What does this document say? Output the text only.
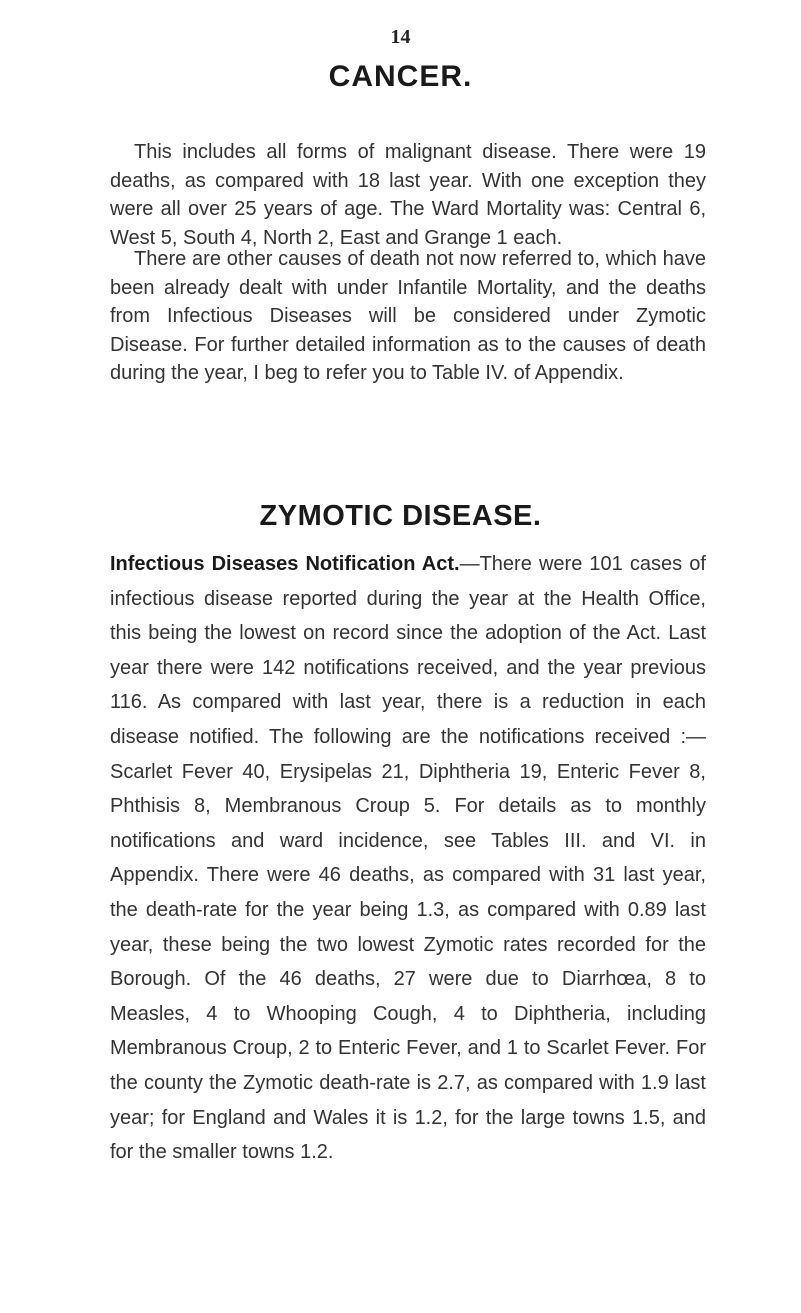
14
CANCER.

This includes all forms of malignant disease. There were 19 deaths, as compared with 18 last year. With one exception they were all over 25 years of age. The Ward Mortality was: Central 6, West 5, South 4, North 2, East and Grange 1 each.

There are other causes of death not now referred to, which have been already dealt with under Infantile Mortality, and the deaths from Infectious Diseases will be considered under Zymotic Disease. For further detailed information as to the causes of death during the year, I beg to refer you to Table IV. of Appendix.

ZYMOTIC DISEASE.

Infectious Diseases Notification Act.—There were 101 cases of infectious disease reported during the year at the Health Office, this being the lowest on record since the adoption of the Act. Last year there were 142 notifications received, and the year previous 116. As compared with last year, there is a reduction in each disease notified. The following are the notifications received :—Scarlet Fever 40, Erysipelas 21, Diphtheria 19, Enteric Fever 8, Phthisis 8, Membranous Croup 5. For details as to monthly notifications and ward incidence, see Tables III. and VI. in Appendix. There were 46 deaths, as compared with 31 last year, the death-rate for the year being 1.3, as compared with 0.89 last year, these being the two lowest Zymotic rates recorded for the Borough. Of the 46 deaths, 27 were due to Diarrhœa, 8 to Measles, 4 to Whooping Cough, 4 to Diphtheria, including Membranous Croup, 2 to Enteric Fever, and 1 to Scarlet Fever. For the county the Zymotic death-rate is 2.7, as compared with 1.9 last year; for England and Wales it is 1.2, for the large towns 1.5, and for the smaller towns 1.2.
